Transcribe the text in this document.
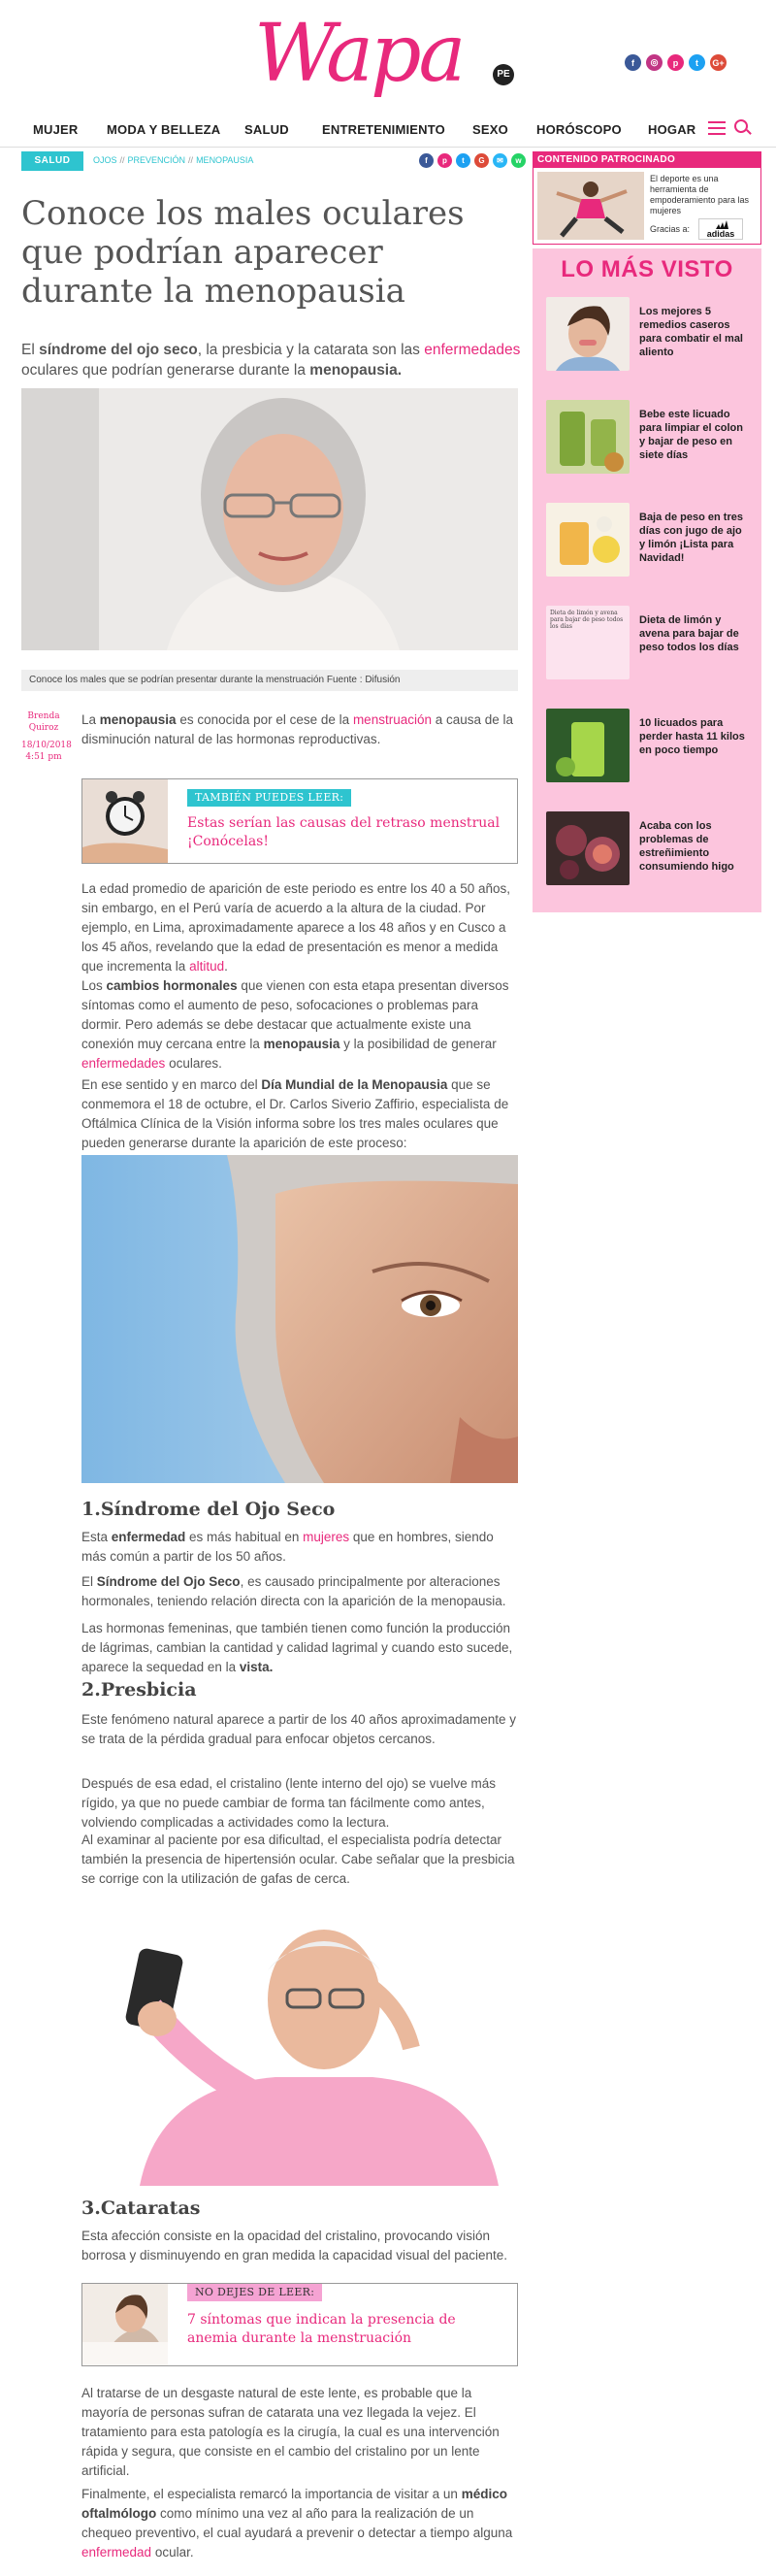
Wapa	PE
f	◎	p	t	G+
MUJER MODA Y BELLEZA SALUD	ENTRETENIMIENTO SEXO HORÓSCOPO HOGAR
SALUD	OJOS // PREVENCIÓN // MENOPAUSIA	f	p	t	G	✉	w
Conoce los males oculares que podrían aparecer durante la menopausia
El síndrome del ojo seco, la presbicia y la catarata son las enfermedades oculares que podrían generarse durante la menopausia.
Conoce los males que se podrían presentar durante la menstruación Fuente : Difusión
Brenda Quiroz
18/10/2018
4:51 pm
La menopausia es conocida por el cese de la menstruación a causa de la disminución natural de las hormonas reproductivas.
TAMBIÉN PUEDES LEER:
Estas serían las causas del retraso menstrual ¡Conócelas!
La edad promedio de aparición de este periodo es entre los 40 a 50 años, sin embargo, en el Perú varía de acuerdo a la altura de la ciudad. Por ejemplo, en Lima, aproximadamente aparece a los 48 años y en Cusco a los 45 años, revelando que la edad de presentación es menor a medida que incrementa la altitud.
Los cambios hormonales que vienen con esta etapa presentan diversos síntomas como el aumento de peso, sofocaciones o problemas para dormir. Pero además se debe destacar que actualmente existe una conexión muy cercana entre la menopausia y la posibilidad de generar enfermedades oculares.
En ese sentido y en marco del Día Mundial de la Menopausia que se conmemora el 18 de octubre, el Dr. Carlos Siverio Zaffirio, especialista de Oftálmica Clínica de la Visión informa sobre los tres males oculares que pueden generarse durante la aparición de este proceso:
1.Síndrome del Ojo Seco
Esta enfermedad es más habitual en mujeres que en hombres, siendo más común a partir de los 50 años.
El Síndrome del Ojo Seco, es causado principalmente por alteraciones hormonales, teniendo relación directa con la aparición de la menopausia.
Las hormonas femeninas, que también tienen como función la producción de lágrimas, cambian la cantidad y calidad lagrimal y cuando esto sucede, aparece la sequedad en la vista.
2.Presbicia
Este fenómeno natural aparece a partir de los 40 años aproximadamente y se trata de la pérdida gradual para enfocar objetos cercanos.
Después de esa edad, el cristalino (lente interno del ojo) se vuelve más rígido, ya que no puede cambiar de forma tan fácilmente como antes, volviendo complicadas a actividades como la lectura.
Al examinar al paciente por esa dificultad, el especialista podría detectar también la presencia de hipertensión ocular. Cabe señalar que la presbicia se corrige con la utilización de gafas de cerca.
3.Cataratas
Esta afección consiste en la opacidad del cristalino, provocando visión borrosa y disminuyendo en gran medida la capacidad visual del paciente.
NO DEJES DE LEER:
7 síntomas que indican la presencia de anemia durante la menstruación
Al tratarse de un desgaste natural de este lente, es probable que la mayoría de personas sufran de catarata una vez llegada la vejez. El tratamiento para esta patología es la cirugía, la cual es una intervención rápida y segura, que consiste en el cambio del cristalino por un lente artificial.
Finalmente, el especialista remarcó la importancia de visitar a un médico oftalmólogo como mínimo una vez al año para la realización de un chequeo preventivo, el cual ayudará a prevenir o detectar a tiempo alguna enfermedad ocular.
CONTENIDO PATROCINADO
El deporte es una herramienta de empoderamiento para las mujeres
Gracias a:	adidas
LO MÁS VISTO
Los mejores 5 remedios caseros para combatir el mal aliento
Bebe este licuado para limpiar el colon y bajar de peso en siete días
Baja de peso en tres días con jugo de ajo y limón ¡Lista para Navidad!
Dieta de limón y avena para bajar de peso todos los días
Dieta de limón y avena para bajar de peso todos los días
10 licuados para perder hasta 11 kilos en poco tiempo
Acaba con los problemas de estreñimiento consumiendo higo
